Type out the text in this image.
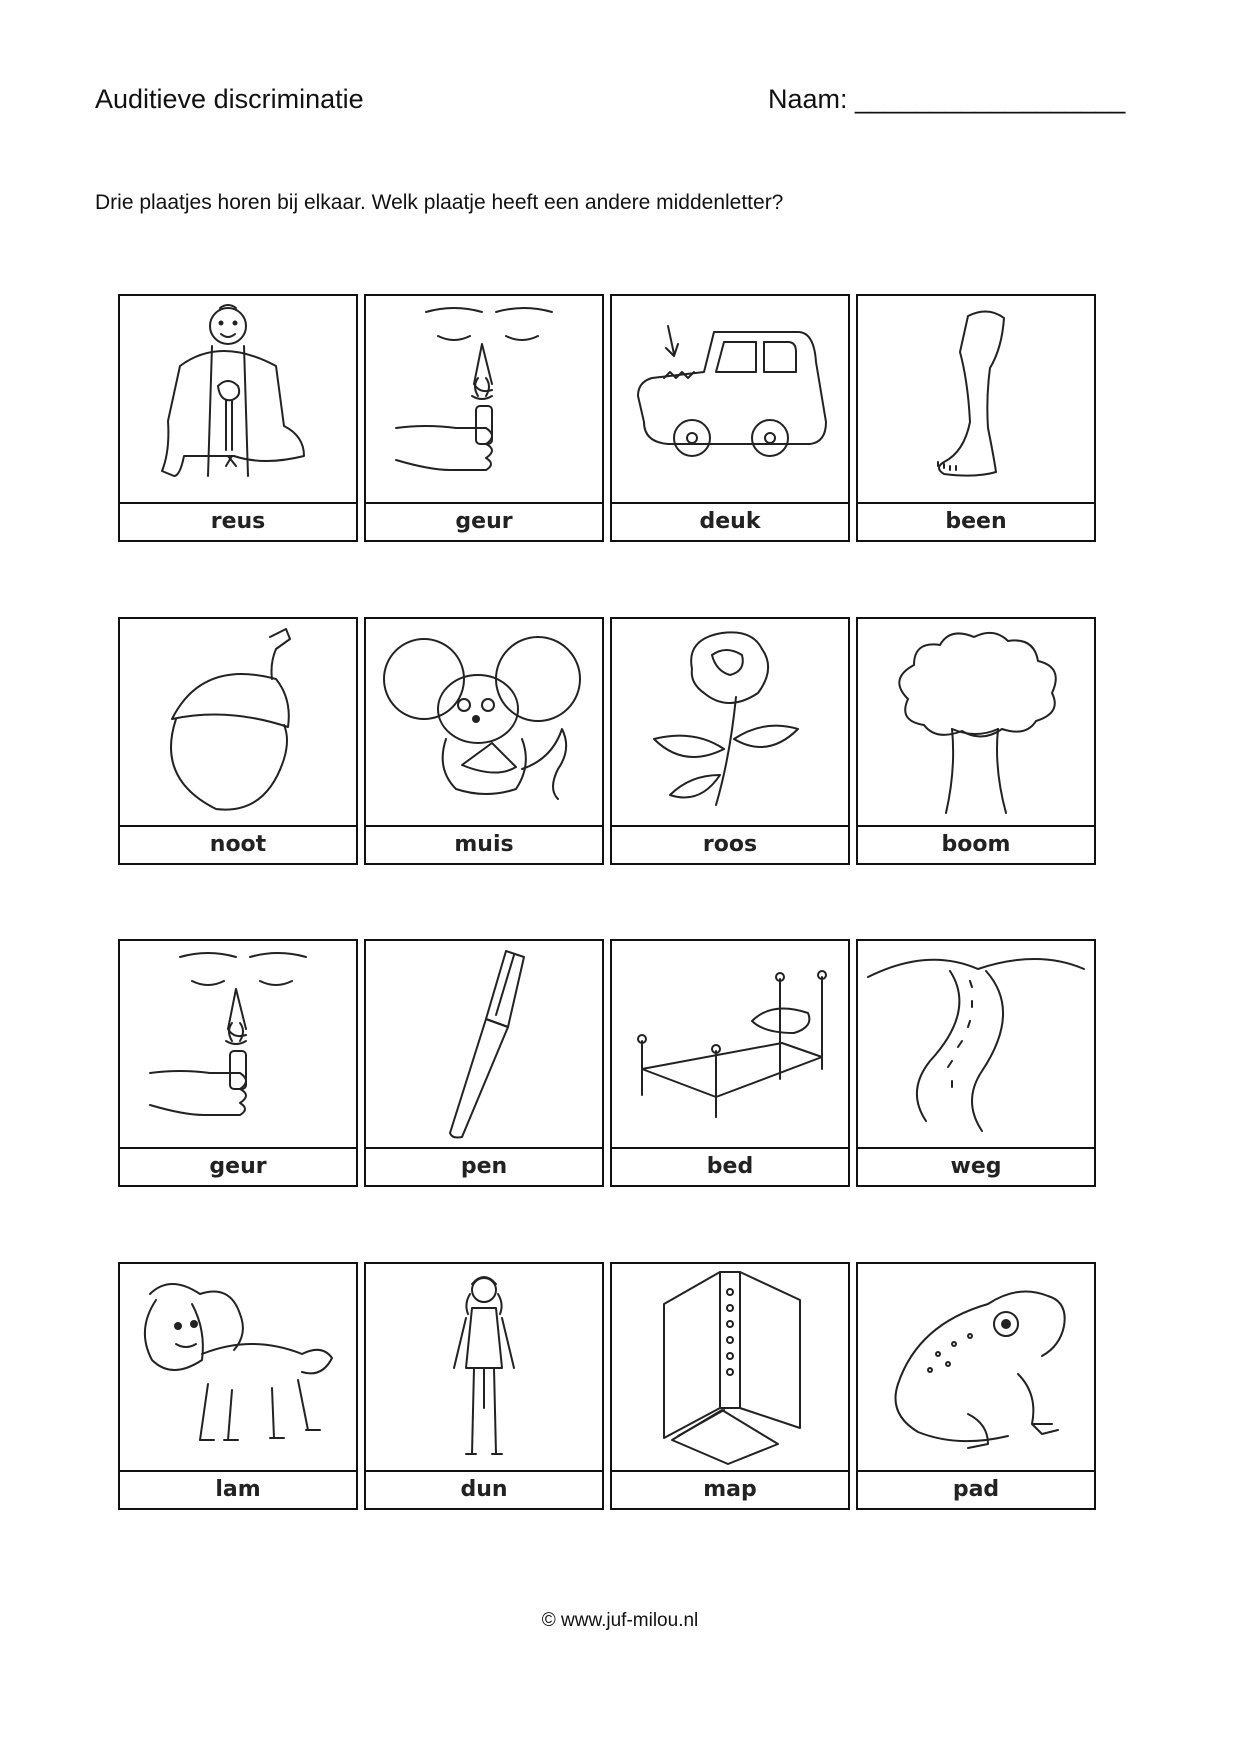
Auditieve discriminatie	Naam: __________________
Drie plaatjes horen bij elkaar. Welk plaatje heeft een andere middenletter?
reus	geur	deuk	been
noot	muis	roos	boom
geur	pen	bed	weg
lam	dun	map	pad
© www.juf-milou.nl
